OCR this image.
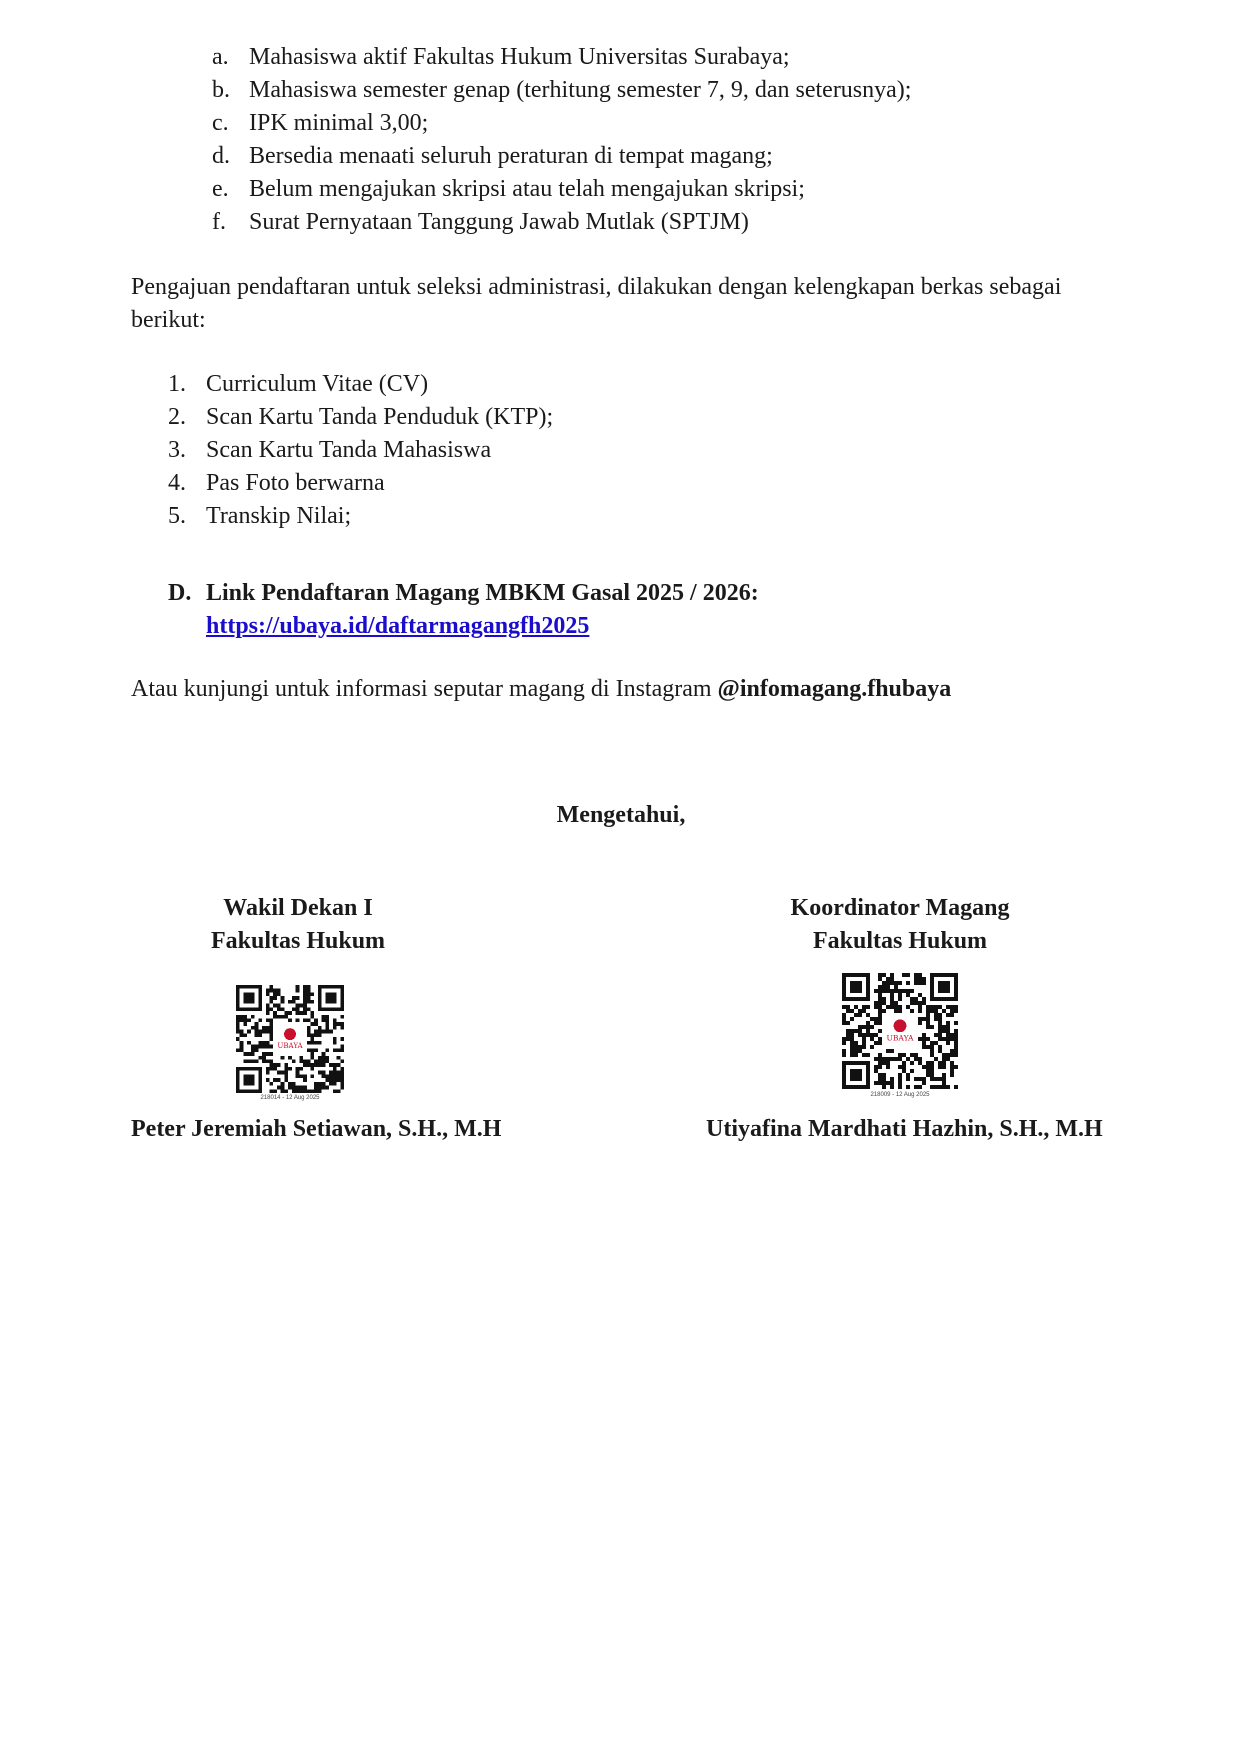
a. Mahasiswa aktif Fakultas Hukum Universitas Surabaya;
b. Mahasiswa semester genap (terhitung semester 7, 9, dan seterusnya);
c. IPK minimal 3,00;
d. Bersedia menaati seluruh peraturan di tempat magang;
e. Belum mengajukan skripsi atau telah mengajukan skripsi;
f. Surat Pernyataan Tanggung Jawab Mutlak (SPTJM)
Pengajuan pendaftaran untuk seleksi administrasi, dilakukan dengan kelengkapan berkas sebagai
berikut:
1. Curriculum Vitae (CV)
2. Scan Kartu Tanda Penduduk (KTP);
3. Scan Kartu Tanda Mahasiswa
4. Pas Foto berwarna
5. Transkip Nilai;
D. Link Pendaftaran Magang MBKM Gasal 2025 / 2026:
https://ubaya.id/daftarmagangfh2025
Atau kunjungi untuk informasi seputar magang di Instagram @infomagang.fhubaya
Mengetahui,
Wakil Dekan I
Fakultas Hukum
UBAYA
218014 - 12 Aug 2025
Peter Jeremiah Setiawan, S.H., M.H
Koordinator Magang
Fakultas Hukum
UBAYA
218009 - 12 Aug 2025
Utiyafina Mardhati Hazhin, S.H., M.H
